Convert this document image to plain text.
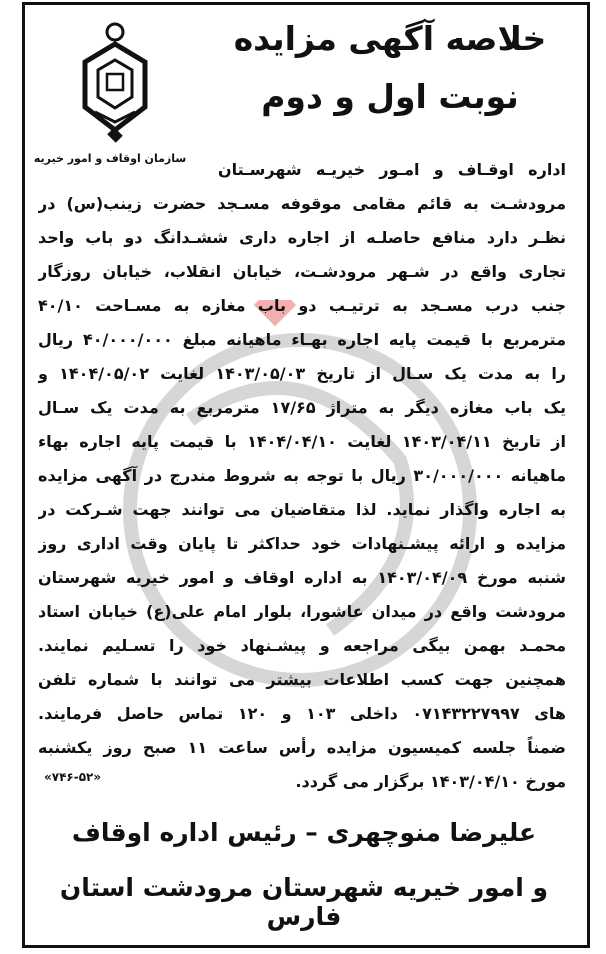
سازمان اوقاف و امور خیریه
خلاصه آگهی مزایده
نوبت اول و دوم
اداره اوقـاف و امـور خیریـه شهرسـتان
مرودشـت به قائم مقامی موقوفه مسـجد حضرت زینب(س) در
نظـر دارد منافع حاصلـه از اجاره داری ششـدانگ دو باب واحد
تجاری واقع در شـهر مرودشـت، خیابان انقلاب، خیابان روزگار
جنب درب مسـجد به ترتیـب دو باب مغازه به مسـاحت ۴۰/۱۰
مترمربع با قیمت پایه اجاره بهـاء ماهیانه مبلغ ۴۰/۰۰۰/۰۰۰ ریال
را به مدت یک سـال از تاریخ ۱۴۰۳/۰۵/۰۳ لغایت ۱۴۰۴/۰۵/۰۲ و
یک باب مغازه دیگر به متراژ ۱۷/۶۵ مترمربع به مدت یک سـال
از تاریخ ۱۴۰۳/۰۴/۱۱ لغایت ۱۴۰۴/۰۴/۱۰ با قیمت پایه اجاره بهاء
ماهیانه ۳۰/۰۰۰/۰۰۰ ریال با توجه به شروط مندرج در آگهی مزایده
به اجاره واگذار نماید. لذا متقاضیان می توانند جهت شـرکت در
مزایده و ارائه پیشـنهادات خود حداکثر تا پایان وقت اداری روز
شنبه مورخ ۱۴۰۳/۰۴/۰۹ به اداره اوقاف و امور خیریه شهرستان
مرودشت واقع در میدان عاشورا، بلوار امام علی(ع) خیابان استاد
محمـد بهمن بیگی مراجعه و پیشـنهاد خود را تسـلیم نمایند.
همچنین جهت کسب اطلاعات بیشتر می توانند با شماره تلفن
های ۰۷۱۴۳۲۲۷۹۹۷ داخلی ۱۰۳ و ۱۲۰ تماس حاصل فرمایند.
ضمناً جلسه کمیسیون مزایده رأس ساعت ۱۱ صبح روز یکشنبه
مورخ ۱۴۰۳/۰۴/۱۰ برگزار می گردد.
«۷۴۶-۵۲»
علیرضا منوچهری – رئیس اداره اوقاف
و امور خیریه شهرستان مرودشت استان فارس
